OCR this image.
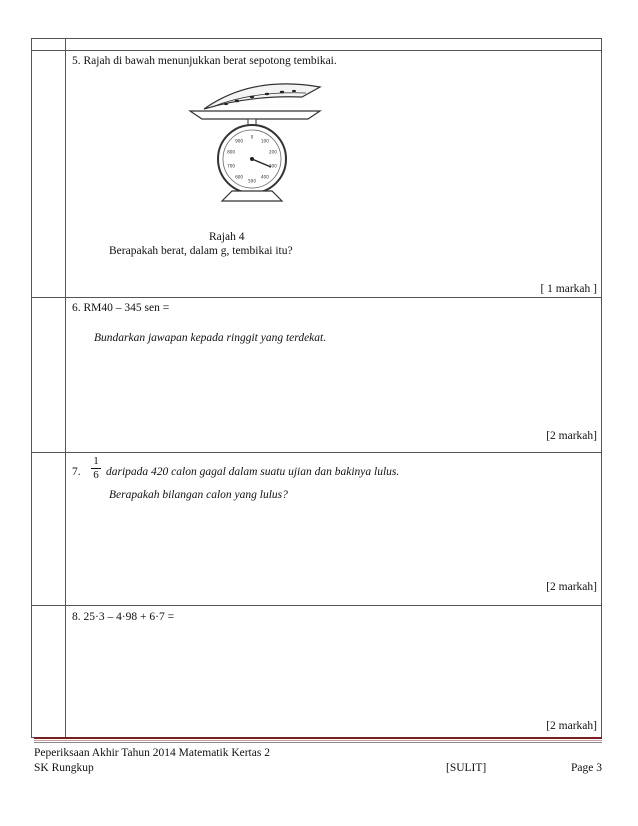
5. Rajah di bawah menunjukkan berat sepotong tembikai.
0
100
200
300
400
500
600
700
800
900
Rajah 4
Berapakah berat, dalam g, tembikai itu?
[ 1 markah ]
6. RM40 – 345 sen =
Bundarkan jawapan kepada ringgit yang terdekat.
[2 markah]
7. $\frac{1}{6}$ daripada 420 calon gagal dalam suatu ujian dan bakinya lulus.
Berapakah bilangan calon yang lulus?
[2 markah]
8. 25·3 – 4·98 + 6·7 =
[2 markah]
Peperiksaan Akhir Tahun 2014 Matematik Kertas 2
SK Rungkup	[SULIT]	Page 3
